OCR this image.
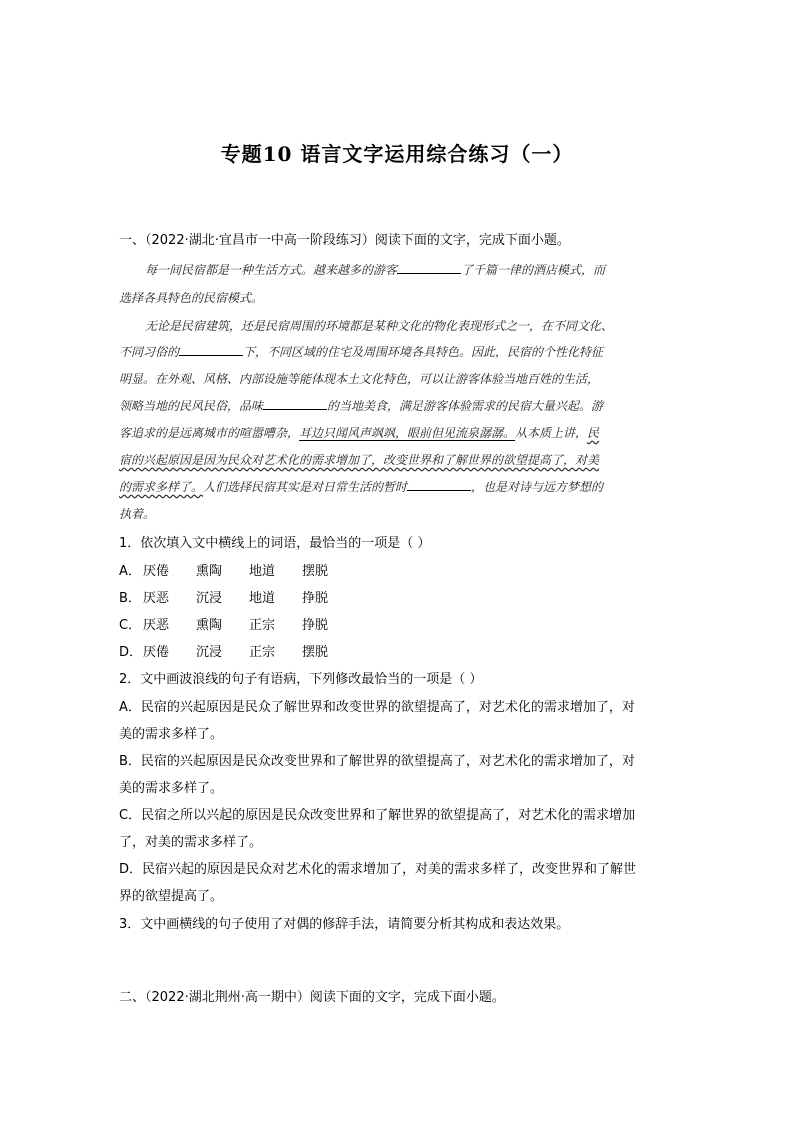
专题10 语言文字运用综合练习（一）
一、（2022·湖北·宜昌市一中高一阶段练习）阅读下面的文字，完成下面小题。
每一间民宿都是一种生活方式。越来越多的游客	了千篇一律的酒店模式，而
选择各具特色的民宿模式。
无论是民宿建筑，还是民宿周围的环境都是某种文化的物化表现形式之一，在不同文化、
不同习俗的	下，不同区域的住宅及周围环境各具特色。因此，民宿的个性化特征
明显。在外观、风格、内部设施等能体现本土文化特色，可以让游客体验当地百姓的生活，
领略当地的民风民俗，品味	的当地美食，满足游客体验需求的民宿大量兴起。游
客追求的是远离城市的喧嚣嘈杂，耳边只闻风声飒飒，眼前但见流泉潺潺。从本质上讲，民
宿的兴起原因是因为民众对艺术化的需求增加了，改变世界和了解世界的欲望提高了，对美
的需求多样了。人们选择民宿其实是对日常生活的暂时	，也是对诗与远方梦想的
执着。
1．依次填入文中横线上的词语，最恰当的一项是（ ）
A． 厌倦 熏陶 地道 摆脱
B． 厌恶 沉浸 地道 挣脱
C． 厌恶 熏陶 正宗 挣脱
D．厌倦 沉浸 正宗 摆脱
2．文中画波浪线的句子有语病，下列修改最恰当的一项是（ ）
A．民宿的兴起原因是民众了解世界和改变世界的欲望提高了，对艺术化的需求增加了，对
美的需求多样了。
B．民宿的兴起原因是民众改变世界和了解世界的欲望提高了，对艺术化的需求增加了，对
美的需求多样了。
C．民宿之所以兴起的原因是民众改变世界和了解世界的欲望提高了，对艺术化的需求增加
了，对美的需求多样了。
D．民宿兴起的原因是民众对艺术化的需求增加了，对美的需求多样了，改变世界和了解世
界的欲望提高了。
3．文中画横线的句子使用了对偶的修辞手法，请简要分析其构成和表达效果。
二、（2022·湖北荆州·高一期中）阅读下面的文字，完成下面小题。
